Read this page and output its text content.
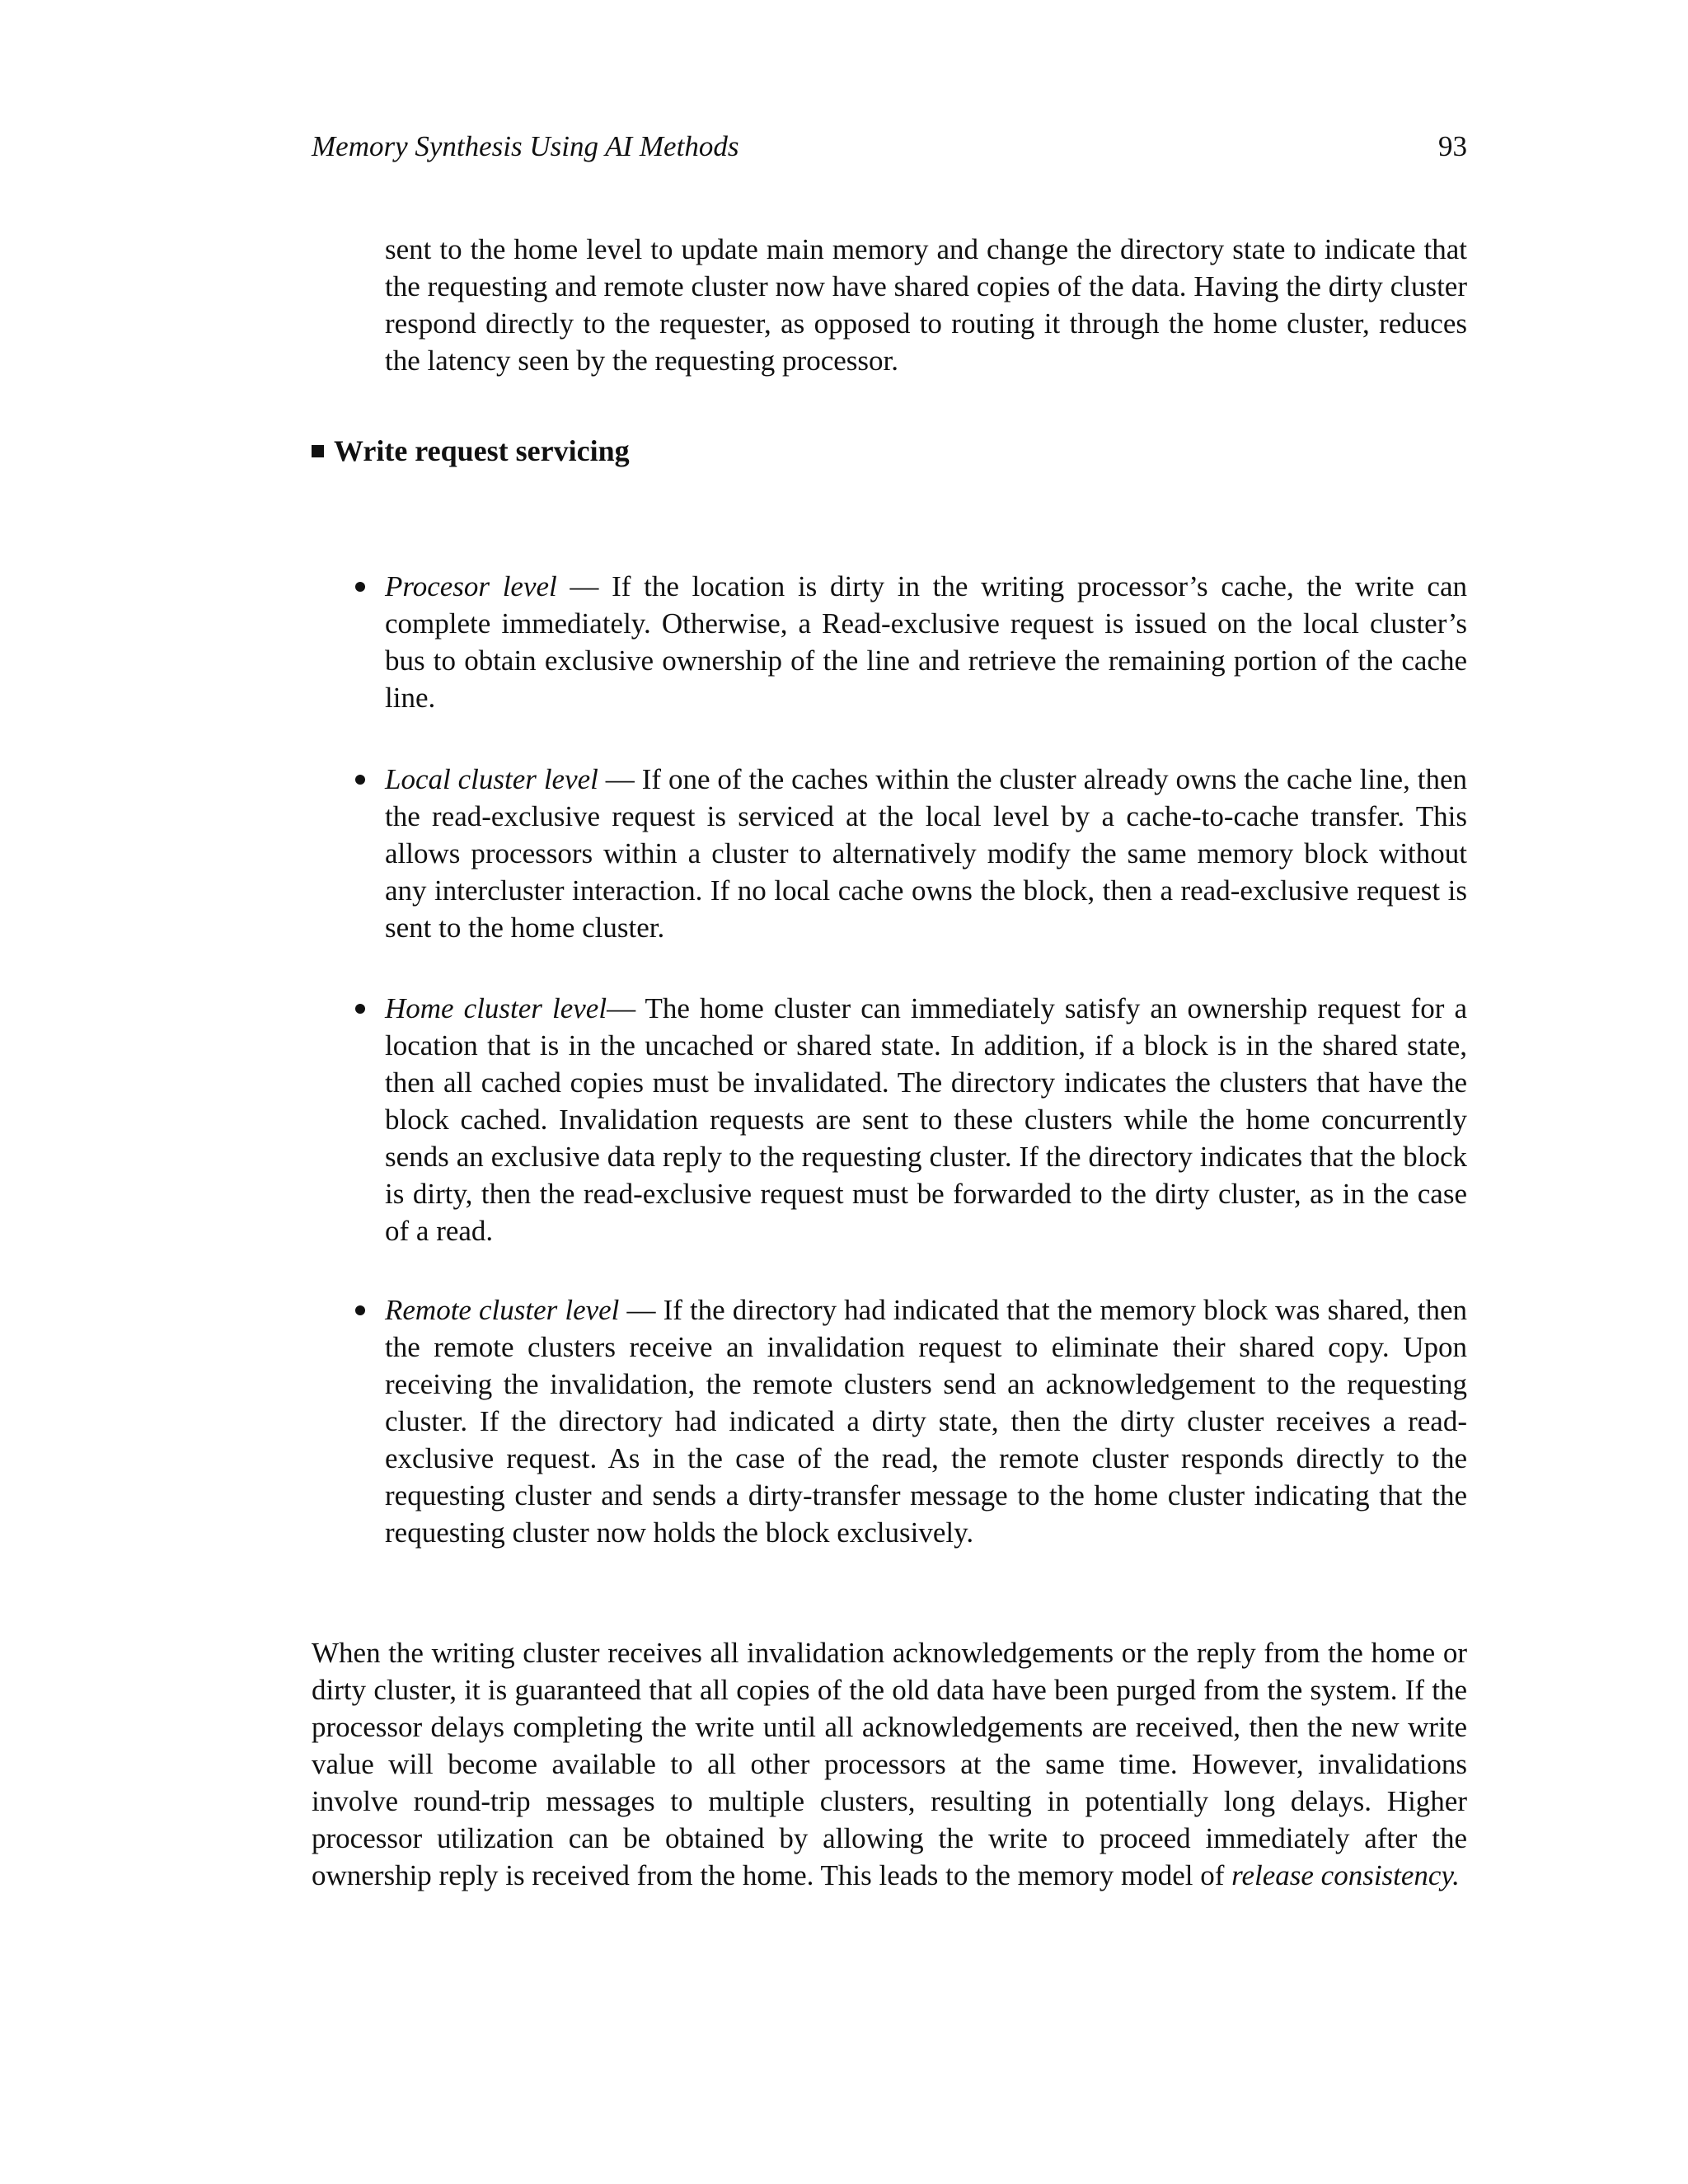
Memory Synthesis Using AI Methods	93

sent to the home level to update main memory and change the directory state to indicate that the requesting and remote cluster now have shared copies of the data. Having the dirty cluster respond directly to the requester, as opposed to routing it through the home cluster, reduces the latency seen by the requesting processor.

Write request servicing

Procesor level — If the location is dirty in the writing processor’s cache, the write can complete immediately. Otherwise, a Read-exclusive request is issued on the local cluster’s bus to obtain exclusive ownership of the line and retrieve the remaining portion of the cache line.

Local cluster level — If one of the caches within the cluster already owns the cache line, then the read-exclusive request is serviced at the local level by a cache-to-cache transfer. This allows processors within a cluster to alternatively modify the same memory block without any intercluster interaction. If no local cache owns the block, then a read-exclusive request is sent to the home cluster.

Home cluster level— The home cluster can immediately satisfy an ownership request for a location that is in the uncached or shared state. In addition, if a block is in the shared state, then all cached copies must be invalidated. The directory indicates the clusters that have the block cached. Invalidation requests are sent to these clusters while the home concurrently sends an exclusive data reply to the requesting cluster. If the directory indicates that the block is dirty, then the read-exclusive request must be forwarded to the dirty cluster, as in the case of a read.

Remote cluster level — If the directory had indicated that the memory block was shared, then the remote clusters receive an invalidation request to eliminate their shared copy. Upon receiving the invalidation, the remote clusters send an acknowledgement to the requesting cluster. If the directory had indicated a dirty state, then the dirty cluster receives a read-exclusive request. As in the case of the read, the remote cluster responds directly to the requesting cluster and sends a dirty-transfer message to the home cluster indicating that the requesting cluster now holds the block exclusively.

When the writing cluster receives all invalidation acknowledgements or the reply from the home or dirty cluster, it is guaranteed that all copies of the old data have been purged from the system. If the processor delays completing the write until all acknowledgements are received, then the new write value will become available to all other processors at the same time. However, invalidations involve round-trip messages to multiple clusters, resulting in potentially long delays. Higher processor utilization can be obtained by allowing the write to proceed immediately after the ownership reply is received from the home. This leads to the memory model of release consistency.
